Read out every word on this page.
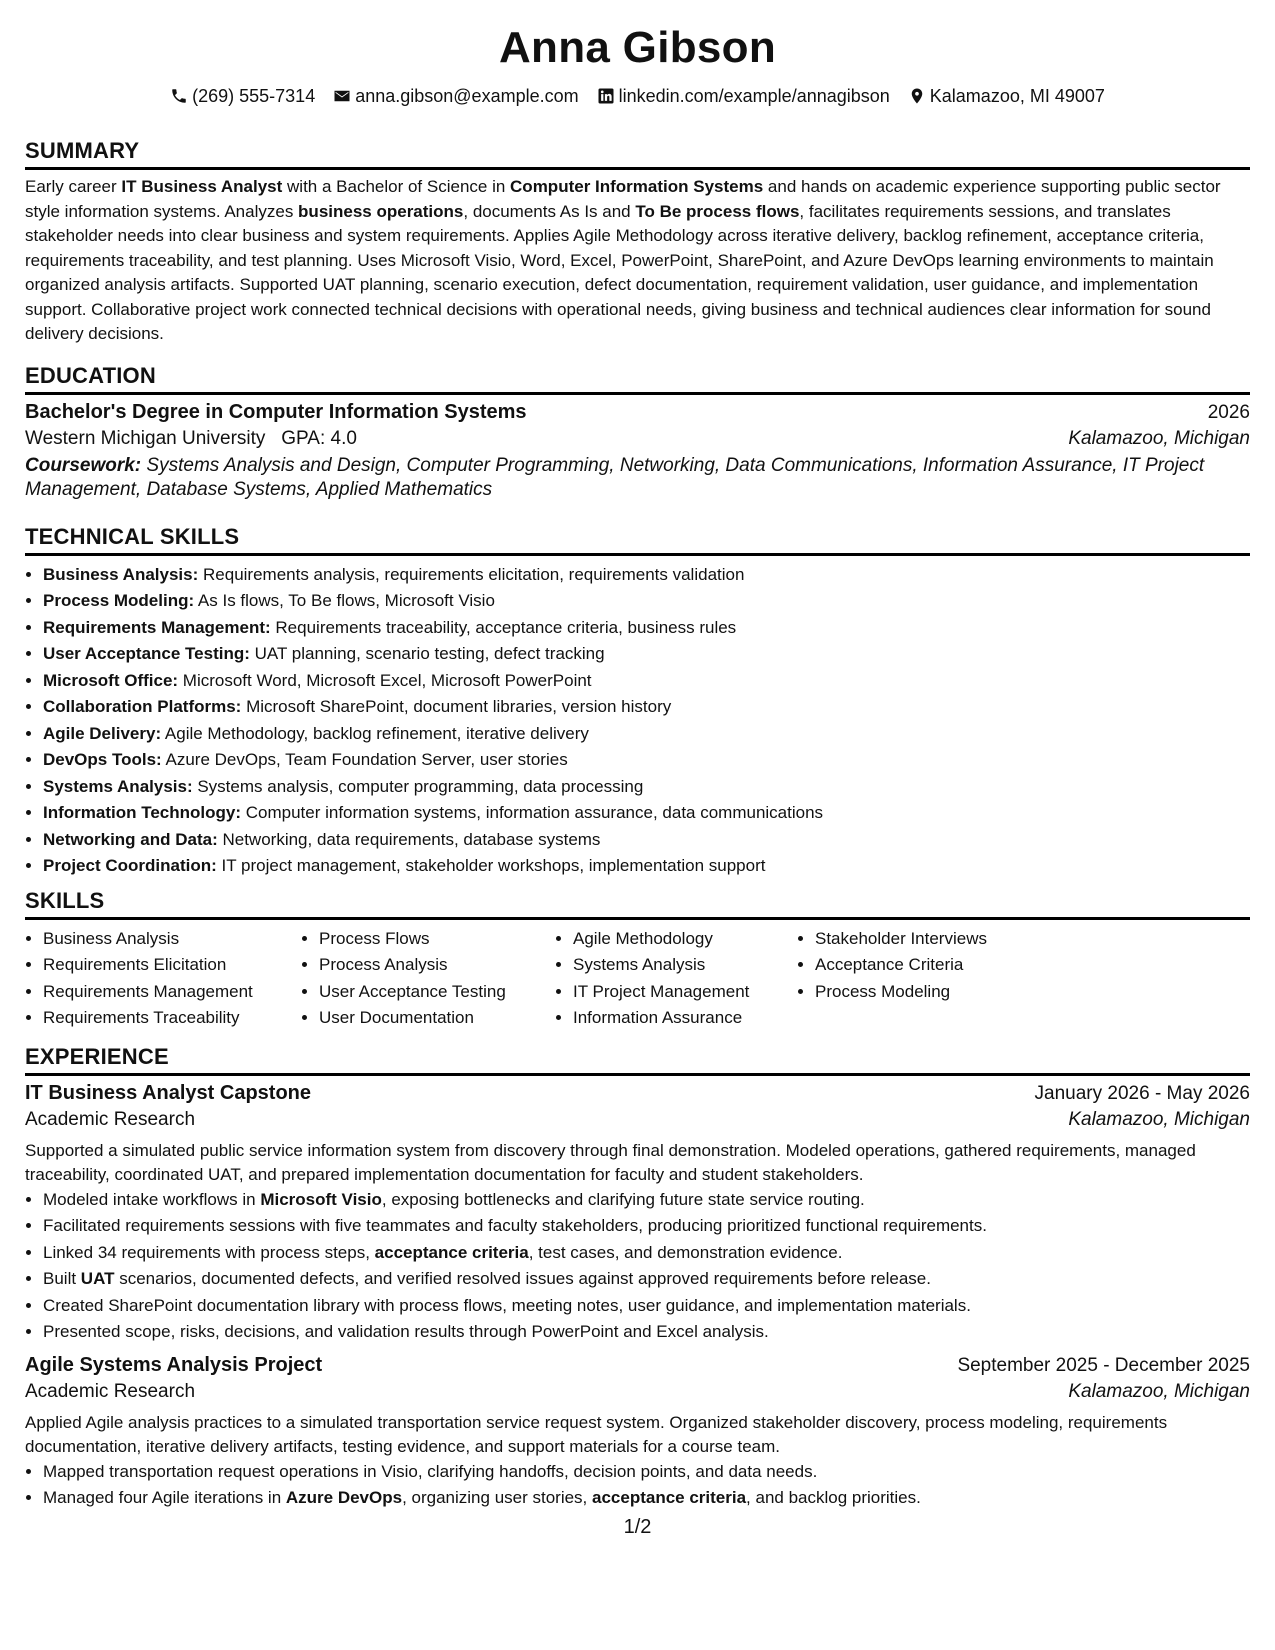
Anna Gibson
(269) 555-7314 anna.gibson@example.com linkedin.com/example/annagibson Kalamazoo, MI 49007
SUMMARY

Early career IT Business Analyst with a Bachelor of Science in Computer Information Systems and hands on academic experience supporting public sector style information systems. Analyzes business operations, documents As Is and To Be process flows, facilitates requirements sessions, and translates stakeholder needs into clear business and system requirements. Applies Agile Methodology across iterative delivery, backlog refinement, acceptance criteria, requirements traceability, and test planning. Uses Microsoft Visio, Word, Excel, PowerPoint, SharePoint, and Azure DevOps learning environments to maintain organized analysis artifacts. Supported UAT planning, scenario execution, defect documentation, requirement validation, user guidance, and implementation support. Collaborative project work connected technical decisions with operational needs, giving business and technical audiences clear information for sound delivery decisions.

EDUCATION
Bachelor's Degree in Computer Information Systems	2026
Western Michigan University   GPA: 4.0	Kalamazoo, Michigan
Coursework: Systems Analysis and Design, Computer Programming, Networking, Data Communications, Information Assurance, IT Project Management, Database Systems, Applied Mathematics
TECHNICAL SKILLS
• Business Analysis: Requirements analysis, requirements elicitation, requirements validation
• Process Modeling: As Is flows, To Be flows, Microsoft Visio
• Requirements Management: Requirements traceability, acceptance criteria, business rules
• User Acceptance Testing: UAT planning, scenario testing, defect tracking
• Microsoft Office: Microsoft Word, Microsoft Excel, Microsoft PowerPoint
• Collaboration Platforms: Microsoft SharePoint, document libraries, version history
• Agile Delivery: Agile Methodology, backlog refinement, iterative delivery
• DevOps Tools: Azure DevOps, Team Foundation Server, user stories
• Systems Analysis: Systems analysis, computer programming, data processing
• Information Technology: Computer information systems, information assurance, data communications
• Networking and Data: Networking, data requirements, database systems
• Project Coordination: IT project management, stakeholder workshops, implementation support
SKILLS
• Business Analysis
• Requirements Elicitation
• Requirements Management
• Requirements Traceability
• Process Flows
• Process Analysis
• User Acceptance Testing
• User Documentation
• Agile Methodology
• Systems Analysis
• IT Project Management
• Information Assurance
• Stakeholder Interviews
• Acceptance Criteria
• Process Modeling
EXPERIENCE
IT Business Analyst Capstone	January 2026 - May 2026
Academic Research	Kalamazoo, Michigan

Supported a simulated public service information system from discovery through final demonstration. Modeled operations, gathered requirements, managed traceability, coordinated UAT, and prepared implementation documentation for faculty and student stakeholders.

• Modeled intake workflows in Microsoft Visio, exposing bottlenecks and clarifying future state service routing.
• Facilitated requirements sessions with five teammates and faculty stakeholders, producing prioritized functional requirements.
• Linked 34 requirements with process steps, acceptance criteria, test cases, and demonstration evidence.
• Built UAT scenarios, documented defects, and verified resolved issues against approved requirements before release.
• Created SharePoint documentation library with process flows, meeting notes, user guidance, and implementation materials.
• Presented scope, risks, decisions, and validation results through PowerPoint and Excel analysis.
Agile Systems Analysis Project	September 2025 - December 2025
Academic Research	Kalamazoo, Michigan

Applied Agile analysis practices to a simulated transportation service request system. Organized stakeholder discovery, process modeling, requirements documentation, iterative delivery artifacts, testing evidence, and support materials for a course team.

• Mapped transportation request operations in Visio, clarifying handoffs, decision points, and data needs.
• Managed four Agile iterations in Azure DevOps, organizing user stories, acceptance criteria, and backlog priorities.
1/2
